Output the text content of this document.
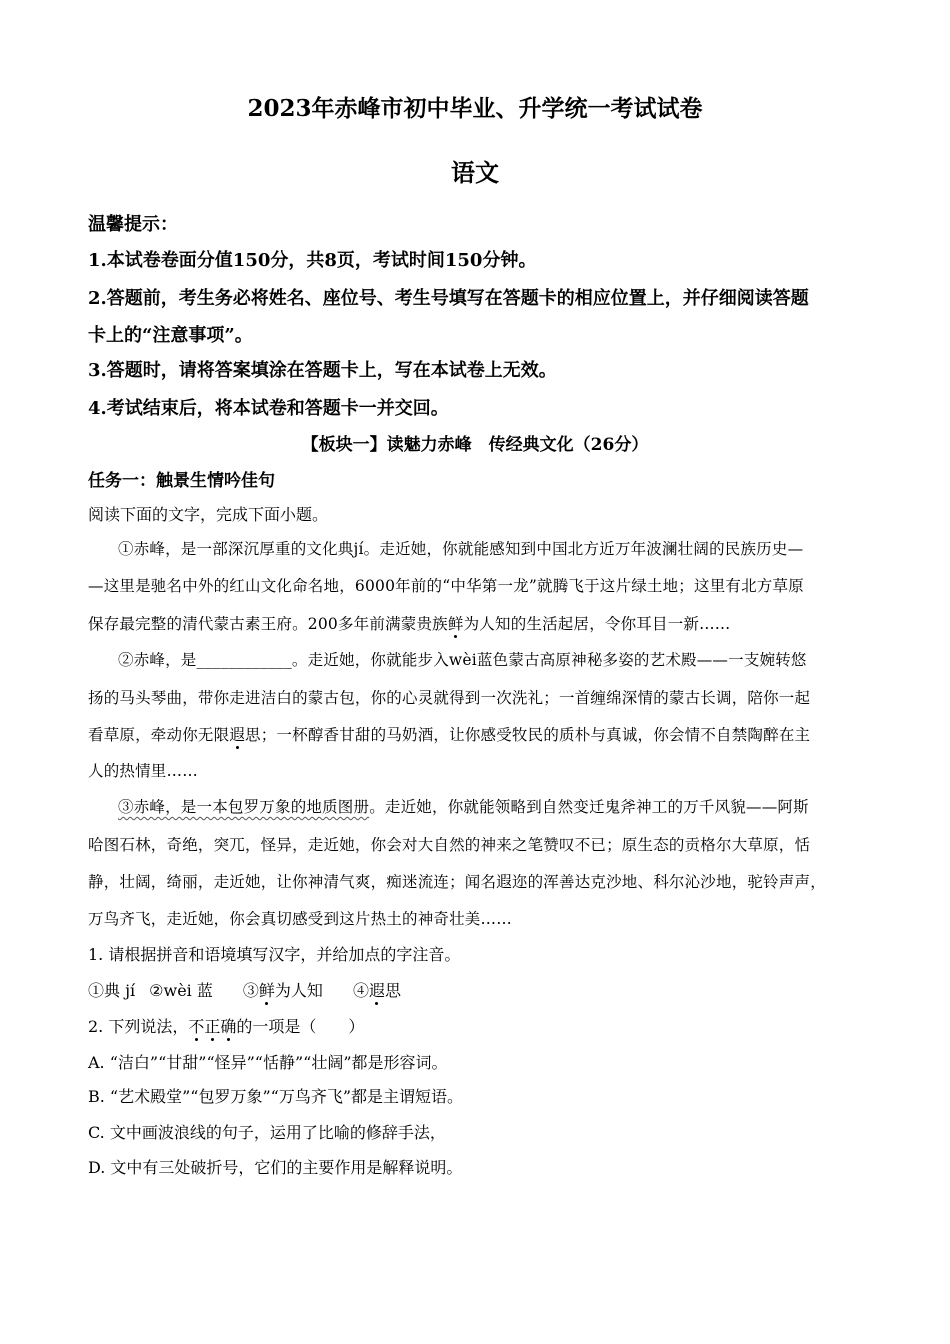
2023年赤峰市初中毕业、升学统一考试试卷
语文
温馨提示：
1.本试卷卷面分值150分，共8页，考试时间150分钟。
2.答题前，考生务必将姓名、座位号、考生号填写在答题卡的相应位置上，并仔细阅读答题
卡上的“注意事项”。
3.答题时，请将答案填涂在答题卡上，写在本试卷上无效。
4.考试结束后，将本试卷和答题卡一并交回。
【板块一】读魅力赤峰　传经典文化（26分）
任务一：触景生情吟佳句
阅读下面的文字，完成下面小题。
①赤峰，是一部深沉厚重的文化典jí。走近她，你就能感知到中国北方近万年波澜壮阔的民族历史—
—这里是驰名中外的红山文化命名地，6000年前的“中华第一龙”就腾飞于这片绿土地；这里有北方草原
保存最完整的清代蒙古素王府。200多年前满蒙贵族鲜为人知的生活起居，令你耳目一新……
②赤峰，是____________。走近她，你就能步入wèi蓝色蒙古高原神秘多姿的艺术殿——一支婉转悠
扬的马头琴曲，带你走进洁白的蒙古包，你的心灵就得到一次洗礼；一首缠绵深情的蒙古长调，陪你一起
看草原，牵动你无限遐思；一杯醇香甘甜的马奶酒，让你感受牧民的质朴与真诚，你会情不自禁陶醉在主
人的热情里……
③赤峰，是一本包罗万象的地质图册。走近她，你就能领略到自然变迁鬼斧神工的万千风貌——阿斯
哈图石林，奇绝，突兀，怪异，走近她，你会对大自然的神来之笔赞叹不已；原生态的贡格尔大草原，恬
静，壮阔，绮丽，走近她，让你神清气爽，痴迷流连；闻名遐迩的浑善达克沙地、科尔沁沙地，驼铃声声，
万鸟齐飞，走近她，你会真切感受到这片热土的神奇壮美……
1. 请根据拼音和语境填写汉字，并给加点的字注音。
①典 jí ②wèi 蓝 ③鲜为人知 ④遐思
2. 下列说法，不正确的一项是（　　）
A. “洁白”“甘甜”“怪异”“恬静”“壮阔”都是形容词。
B. “艺术殿堂”“包罗万象”“万鸟齐飞”都是主谓短语。
C. 文中画波浪线的句子，运用了比喻的修辞手法，
D. 文中有三处破折号，它们的主要作用是解释说明。
